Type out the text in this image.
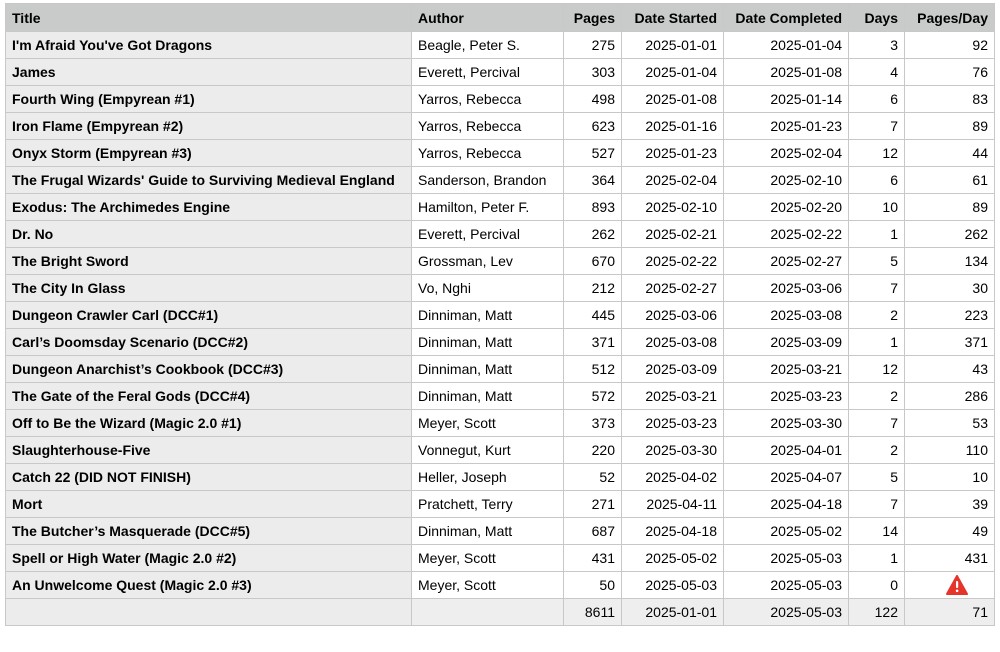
Title	Author	Pages	Date Started	Date Completed	Days	Pages/Day
I'm Afraid You've Got Dragons	Beagle, Peter S.	275	2025-01-01	2025-01-04	3	92
James	Everett, Percival	303	2025-01-04	2025-01-08	4	76
Fourth Wing (Empyrean #1)	Yarros, Rebecca	498	2025-01-08	2025-01-14	6	83
Iron Flame (Empyrean #2)	Yarros, Rebecca	623	2025-01-16	2025-01-23	7	89
Onyx Storm (Empyrean #3)	Yarros, Rebecca	527	2025-01-23	2025-02-04	12	44
The Frugal Wizards' Guide to Surviving Medieval England	Sanderson, Brandon	364	2025-02-04	2025-02-10	6	61
Exodus: The Archimedes Engine	Hamilton, Peter F.	893	2025-02-10	2025-02-20	10	89
Dr. No	Everett, Percival	262	2025-02-21	2025-02-22	1	262
The Bright Sword	Grossman, Lev	670	2025-02-22	2025-02-27	5	134
The City In Glass	Vo, Nghi	212	2025-02-27	2025-03-06	7	30
Dungeon Crawler Carl (DCC#1)	Dinniman, Matt	445	2025-03-06	2025-03-08	2	223
Carl’s Doomsday Scenario (DCC#2)	Dinniman, Matt	371	2025-03-08	2025-03-09	1	371
Dungeon Anarchist’s Cookbook (DCC#3)	Dinniman, Matt	512	2025-03-09	2025-03-21	12	43
The Gate of the Feral Gods (DCC#4)	Dinniman, Matt	572	2025-03-21	2025-03-23	2	286
Off to Be the Wizard (Magic 2.0 #1)	Meyer, Scott	373	2025-03-23	2025-03-30	7	53
Slaughterhouse-Five	Vonnegut, Kurt	220	2025-03-30	2025-04-01	2	110
Catch 22 (DID NOT FINISH)	Heller, Joseph	52	2025-04-02	2025-04-07	5	10
Mort	Pratchett, Terry	271	2025-04-11	2025-04-18	7	39
The Butcher’s Masquerade (DCC#5)	Dinniman, Matt	687	2025-04-18	2025-05-02	14	49
Spell or High Water (Magic 2.0 #2)	Meyer, Scott	431	2025-05-02	2025-05-03	1	431
An Unwelcome Quest (Magic 2.0 #3)	Meyer, Scott	50	2025-05-03	2025-05-03	0	
		8611	2025-01-01	2025-05-03	122	71
